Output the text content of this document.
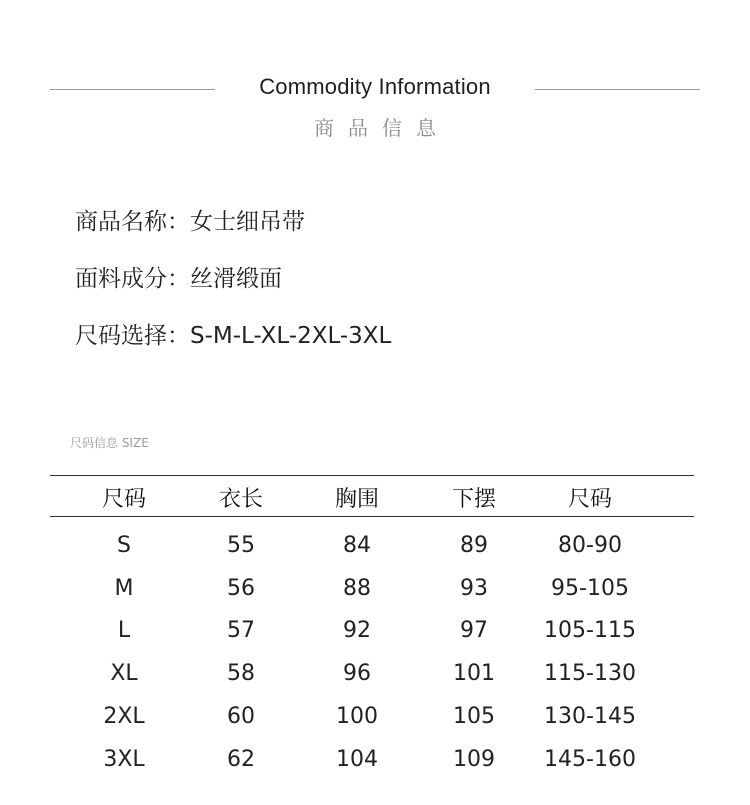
Commodity Information
商品信息
商品名称：女士细吊带
面料成分：丝滑缎面
尺码选择：S-M-L-XL-2XL-3XL
尺码信息 SIZE
尺码	衣长	胸围	下摆	尺码
S	55	84	89	80-90
M	56	88	93	95-105
L	57	92	97	105-115
XL	58	96	101	115-130
2XL	60	100	105	130-145
3XL	62	104	109	145-160
